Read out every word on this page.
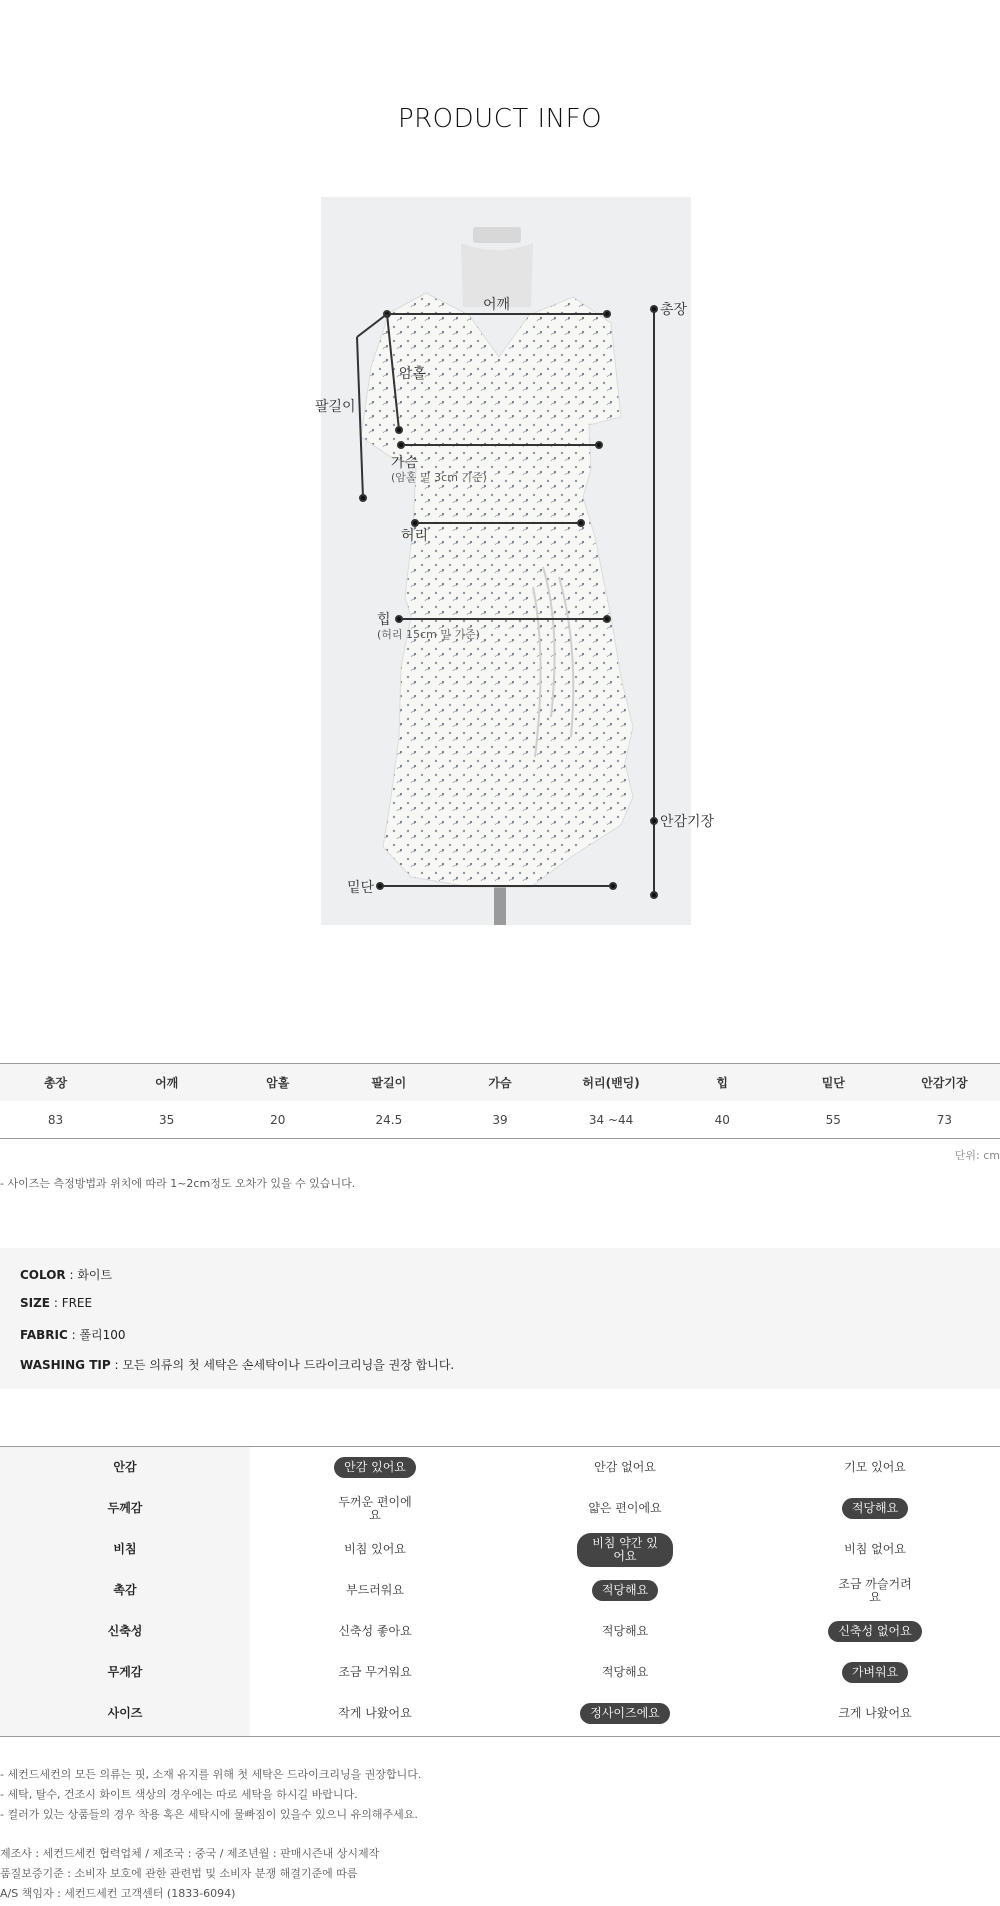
PRODUCT INFO
어깨	총장
암홀
팔길이
가슴
(암홀 밑 3cm 기준)
허리
힙
(허리 15cm 밑 기준)
안감기장
밑단
총장	어깨	암홀	팔길이	가슴	허리(밴딩)	힙	밑단	안감기장
83	35	20	24.5	39	34 ~44	40	55	73
단위: cm
- 사이즈는 측정방법과 위치에 따라 1~2cm정도 오차가 있을 수 있습니다.
COLOR : 화이트
SIZE : FREE
FABRIC : 폴리100
WASHING TIP : 모든 의류의 첫 세탁은 손세탁이나 드라이크리닝을 권장 합니다.
안감	안감 있어요	안감 없어요	기모 있어요
두께감	두꺼운 편이에요	얇은 편이에요	적당해요
비침	비침 있어요	비침 약간 있어요	비침 없어요
촉감	부드러워요	적당해요	조금 까슬거려요
신축성	신축성 좋아요	적당해요	신축성 없어요
무게감	조금 무거워요	적당해요	가벼워요
사이즈	작게 나왔어요	정사이즈에요	크게 나왔어요

- 세컨드세컨의 모든 의류는 핏, 소재 유지를 위해 첫 세탁은 드라이크리닝을 권장합니다.

- 세탁, 탈수, 건조시 화이트 색상의 경우에는 따로 세탁을 하시길 바랍니다.

- 컬러가 있는 상품들의 경우 착용 혹은 세탁시에 물빠짐이 있을수 있으니 유의해주세요.

제조사 : 세컨드세컨 협력업체 / 제조국 : 중국 / 제조년월 : 판매시즌내 상시제작

품질보증기준 : 소비자 보호에 관한 관련법 및 소비자 분쟁 해결기준에 따름

A/S 책임자 : 세컨드세컨 고객센터 (1833-6094)
